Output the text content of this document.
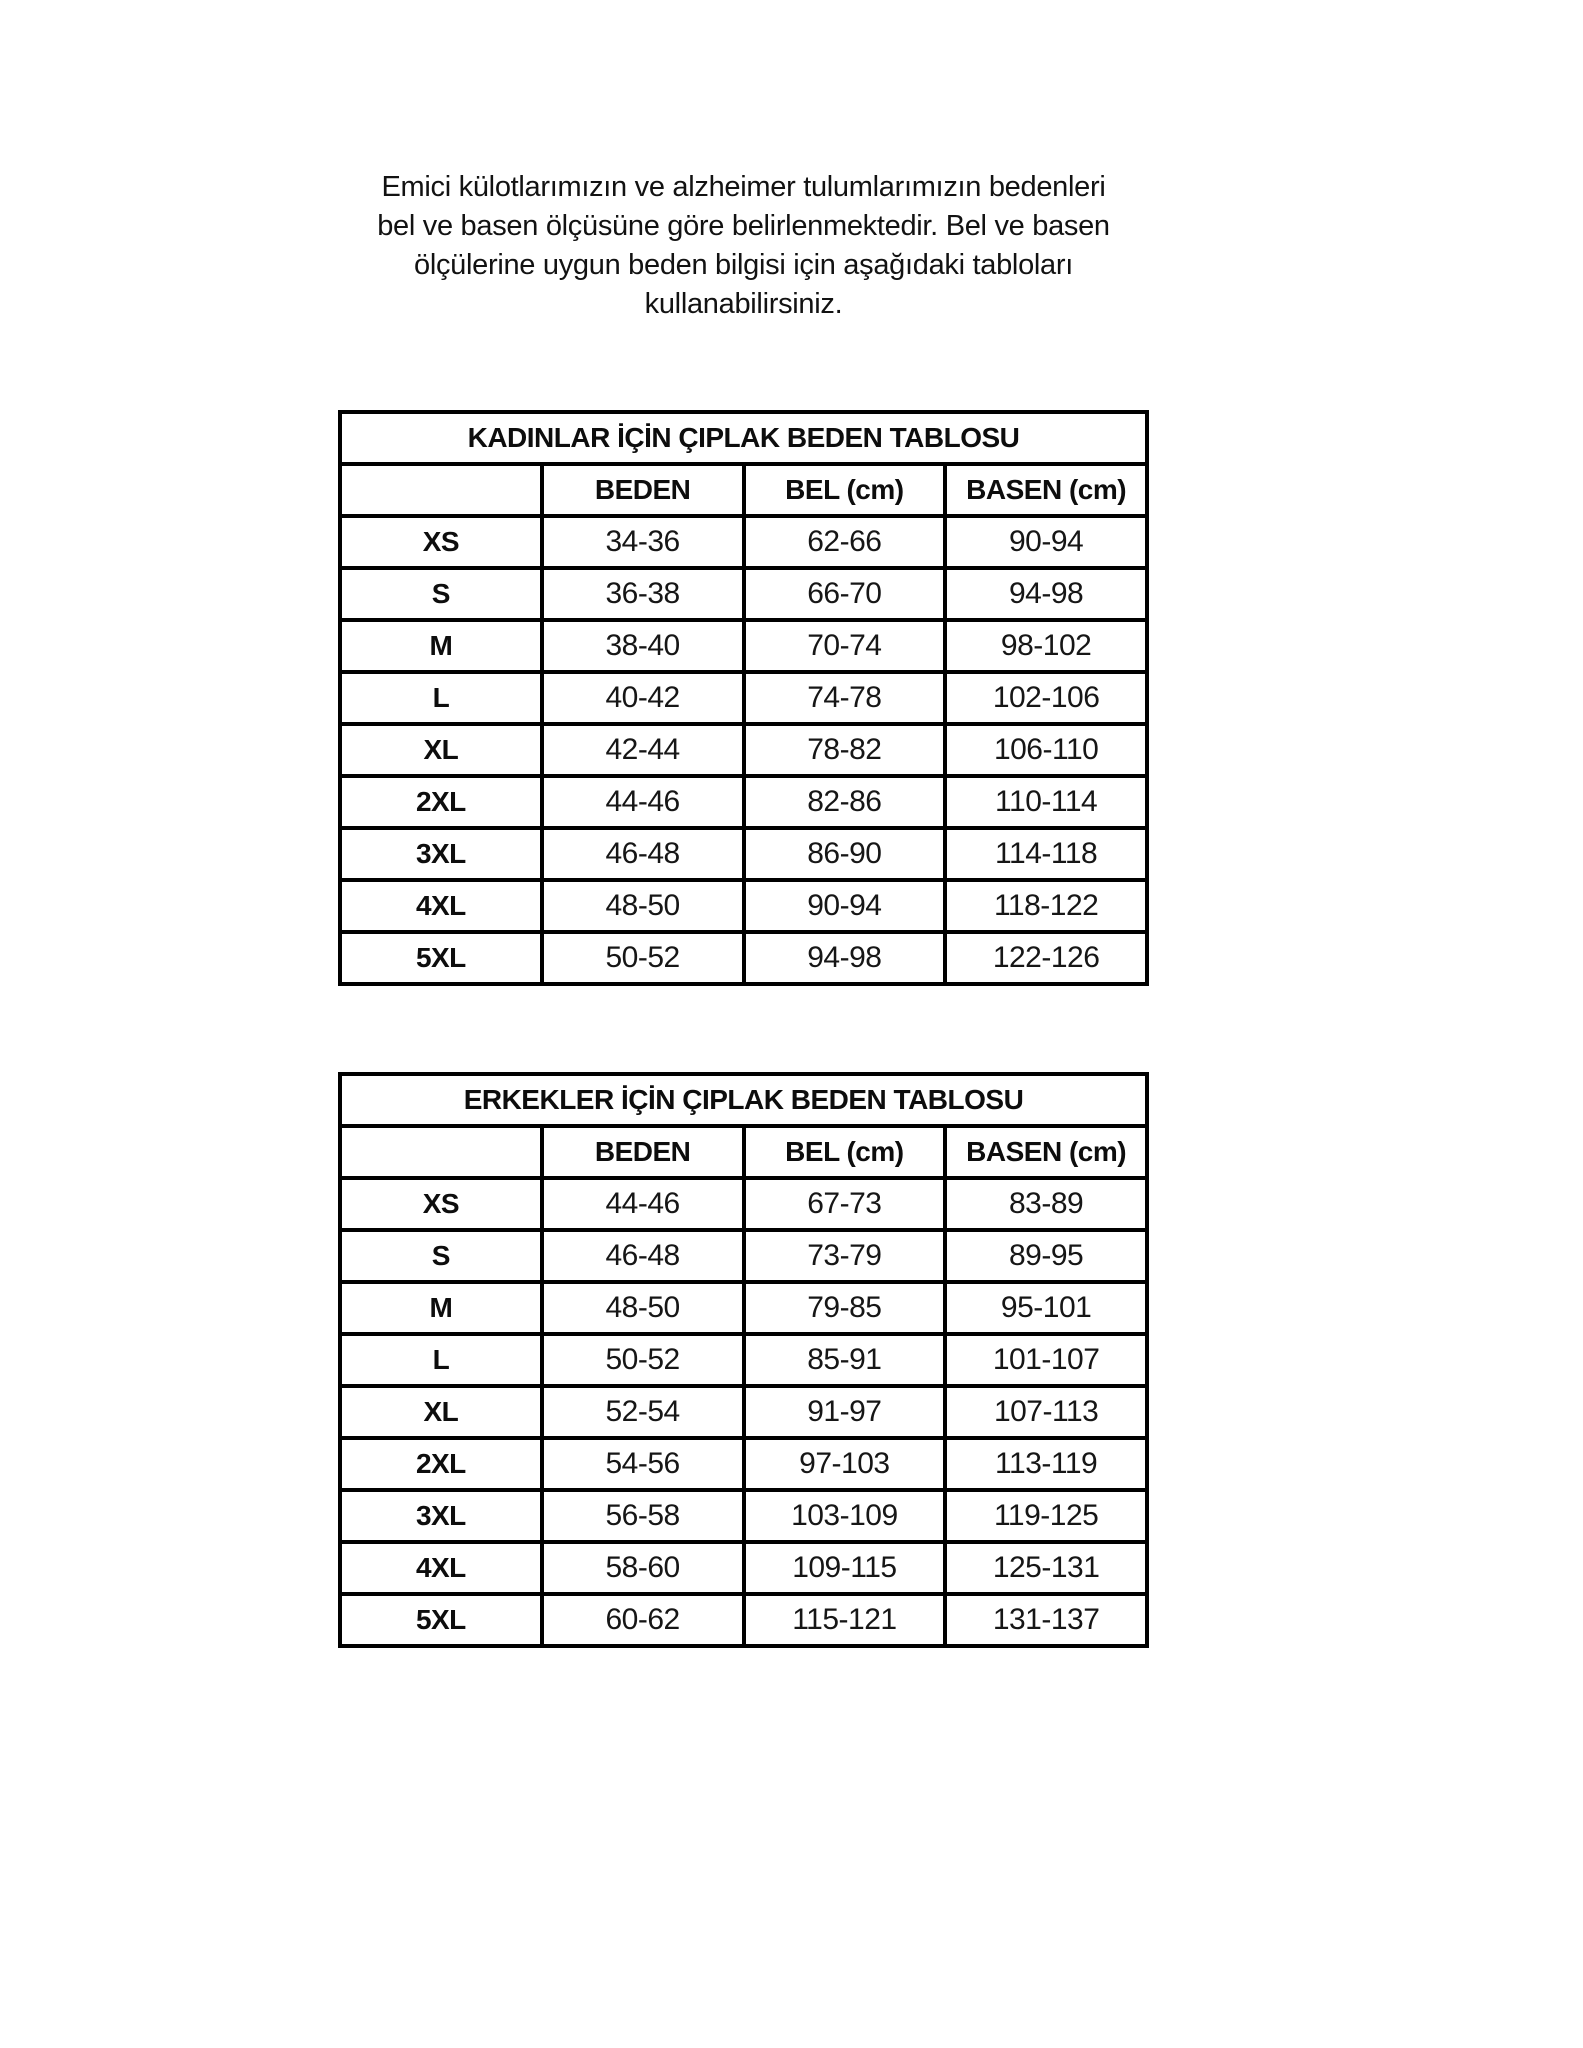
Emici külotlarımızın ve alzheimer tulumlarımızın bedenleri
bel ve basen ölçüsüne göre belirlenmektedir. Bel ve basen
ölçülerine uygun beden bilgisi için aşağıdaki tabloları
kullanabilirsiniz.

KADINLAR İÇİN ÇIPLAK BEDEN TABLOSU			
	BEDEN	BEL (cm)	BASEN (cm)
XS	34-36	62-66	90-94
S	36-38	66-70	94-98
M	38-40	70-74	98-102
L	40-42	74-78	102-106
XL	42-44	78-82	106-110
2XL	44-46	82-86	110-114
3XL	46-48	86-90	114-118
4XL	48-50	90-94	118-122
5XL	50-52	94-98	122-126
ERKEKLER İÇİN ÇIPLAK BEDEN TABLOSU			
	BEDEN	BEL (cm)	BASEN (cm)
XS	44-46	67-73	83-89
S	46-48	73-79	89-95
M	48-50	79-85	95-101
L	50-52	85-91	101-107
XL	52-54	91-97	107-113
2XL	54-56	97-103	113-119
3XL	56-58	103-109	119-125
4XL	58-60	109-115	125-131
5XL	60-62	115-121	131-137
